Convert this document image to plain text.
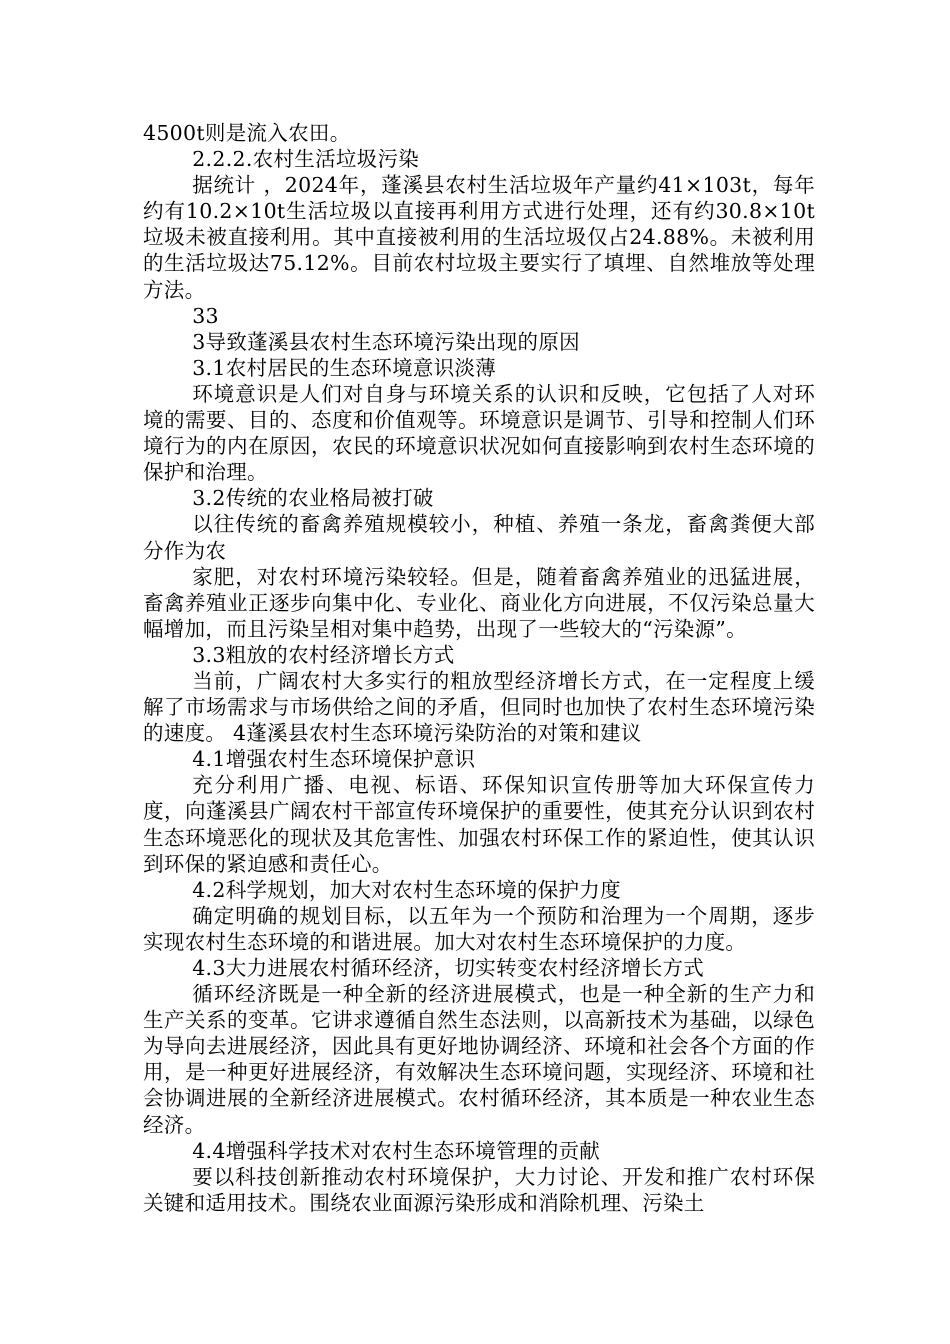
4500t则是流入农田。

2.2.2.农村生活垃圾污染

据统计 ，2024年，蓬溪县农村生活垃圾年产量约41×103t，每年约有10.2×10t生活垃圾以直接再利用方式进行处理，还有约30.8×10t垃圾未被直接利用。其中直接被利用的生活垃圾仅占24.88%。未被利用的生活垃圾达75.12%。目前农村垃圾主要实行了填埋、自然堆放等处理方法。

33

3导致蓬溪县农村生态环境污染出现的原因

3.1农村居民的生态环境意识淡薄

环境意识是人们对自身与环境关系的认识和反映，它包括了人对环境的需要、目的、态度和价值观等。环境意识是调节、引导和控制人们环境行为的内在原因，农民的环境意识状况如何直接影响到农村生态环境的保护和治理。

3.2传统的农业格局被打破

以往传统的畜禽养殖规模较小，种植、养殖一条龙，畜禽粪便大部分作为农

家肥，对农村环境污染较轻。但是，随着畜禽养殖业的迅猛进展，畜禽养殖业正逐步向集中化、专业化、商业化方向进展，不仅污染总量大幅增加，而且污染呈相对集中趋势，出现了一些较大的“污染源”。

3.3粗放的农村经济增长方式

当前，广阔农村大多实行的粗放型经济增长方式，在一定程度上缓解了市场需求与市场供给之间的矛盾，但同时也加快了农村生态环境污染的速度。 4蓬溪县农村生态环境污染防治的对策和建议

4.1增强农村生态环境保护意识

充分利用广播、电视、标语、环保知识宣传册等加大环保宣传力度，向蓬溪县广阔农村干部宣传环境保护的重要性，使其充分认识到农村生态环境恶化的现状及其危害性、加强农村环保工作的紧迫性，使其认识到环保的紧迫感和责任心。

4.2科学规划，加大对农村生态环境的保护力度

确定明确的规划目标，以五年为一个预防和治理为一个周期，逐步实现农村生态环境的和谐进展。加大对农村生态环境保护的力度。

4.3大力进展农村循环经济，切实转变农村经济增长方式

循环经济既是一种全新的经济进展模式，也是一种全新的生产力和生产关系的变革。它讲求遵循自然生态法则，以高新技术为基础，以绿色为导向去进展经济，因此具有更好地协调经济、环境和社会各个方面的作用，是一种更好进展经济，有效解决生态环境问题，实现经济、环境和社会协调进展的全新经济进展模式。农村循环经济，其本质是一种农业生态经济。

4.4增强科学技术对农村生态环境管理的贡献

要以科技创新推动农村环境保护，大力讨论、开发和推广农村环保关键和适用技术。围绕农业面源污染形成和消除机理、污染土
